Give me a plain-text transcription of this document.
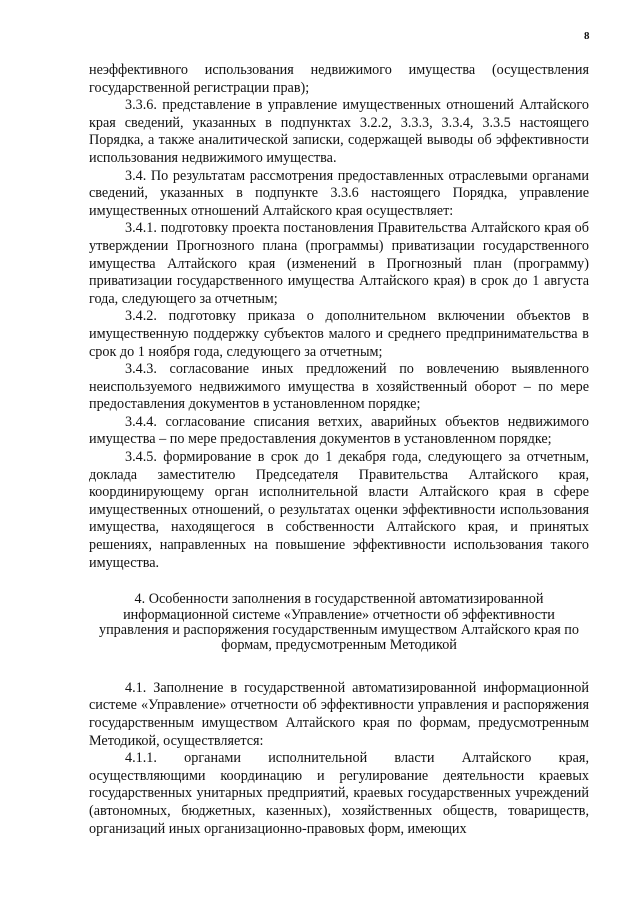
8

неэффективного использования недвижимого имущества (осуществления государственной регистрации прав);

3.3.6. представление в управление имущественных отношений Алтайского края сведений, указанных в подпунктах 3.2.2, 3.3.3, 3.3.4, 3.3.5 настоящего Порядка, а также аналитической записки, содержащей выводы об эффективности использования недвижимого имущества.

3.4. По результатам рассмотрения предоставленных отраслевыми органами сведений, указанных в подпункте 3.3.6 настоящего Порядка, управление имущественных отношений Алтайского края осуществляет:

3.4.1. подготовку проекта постановления Правительства Алтайского края об утверждении Прогнозного плана (программы) приватизации государственного имущества Алтайского края (изменений в Прогнозный план (программу) приватизации государственного имущества Алтайского края) в срок до 1 августа года, следующего за отчетным;

3.4.2. подготовку приказа о дополнительном включении объектов в имущественную поддержку субъектов малого и среднего предпринимательства в срок до 1 ноября года, следующего за отчетным;

3.4.3. согласование иных предложений по вовлечению выявленного неиспользуемого недвижимого имущества в хозяйственный оборот – по мере предоставления документов в установленном порядке;

3.4.4. согласование списания ветхих, аварийных объектов недвижимого имущества – по мере предоставления документов в установленном порядке;

3.4.5. формирование в срок до 1 декабря года, следующего за отчетным, доклада заместителю Председателя Правительства Алтайского края, координирующему орган исполнительной власти Алтайского края в сфере имущественных отношений, о результатах оценки эффективности использования имущества, находящегося в собственности Алтайского края, и принятых решениях, направленных на повышение эффективности использования такого имущества.

4. Особенности заполнения в государственной автоматизированной информационной системе «Управление» отчетности об эффективности управления и распоряжения государственным имуществом Алтайского края по формам, предусмотренным Методикой

4.1. Заполнение в государственной автоматизированной информационной системе «Управление» отчетности об эффективности управления и распоряжения государственным имуществом Алтайского края по формам, предусмотренным Методикой, осуществляется:

4.1.1. органами исполнительной власти Алтайского края, осуществляющими координацию и регулирование деятельности краевых государственных унитарных предприятий, краевых государственных учреждений (автономных, бюджетных, казенных), хозяйственных обществ, товариществ, организаций иных организационно-правовых форм, имеющих
